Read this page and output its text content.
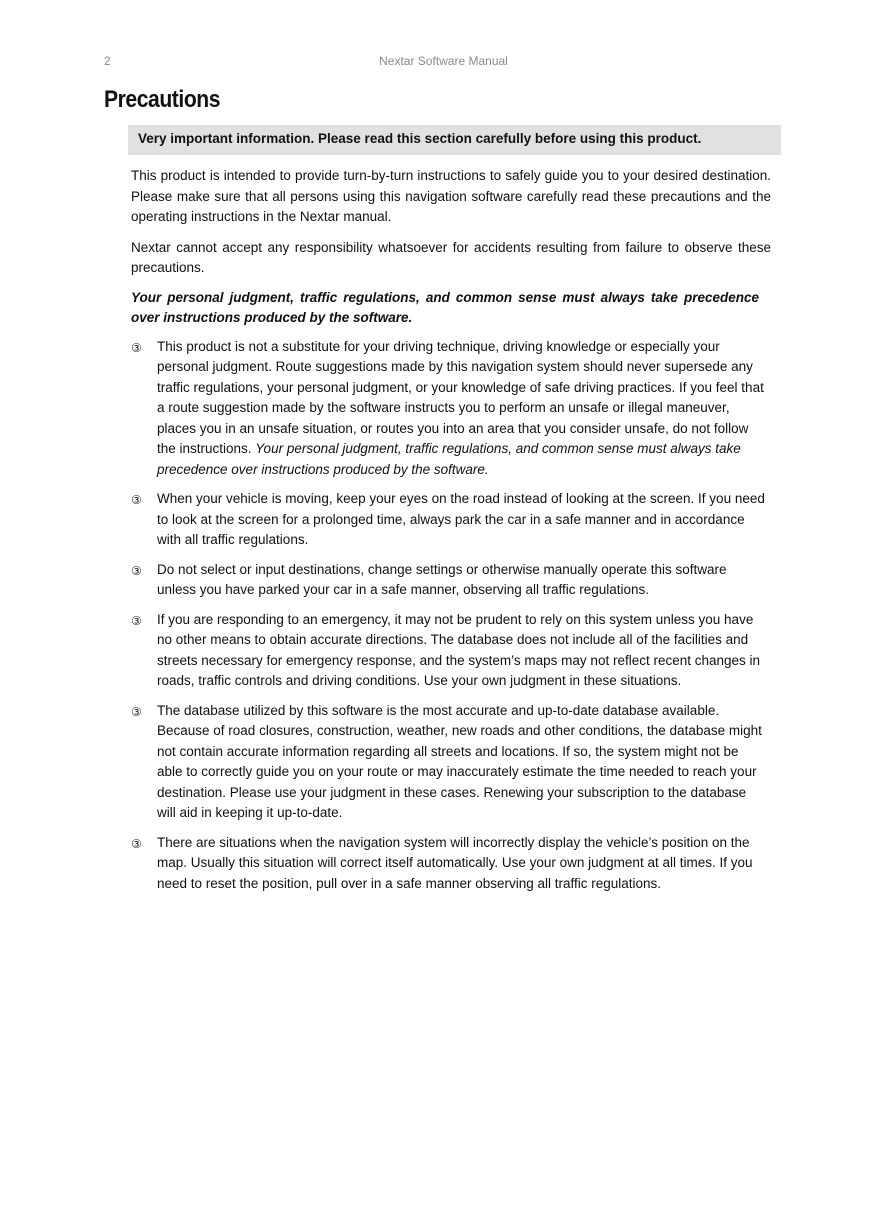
2	Nextar Software Manual
Precautions
Very important information. Please read this section carefully before using this product.

This product is intended to provide turn-by-turn instructions to safely guide you to your desired destination. Please make sure that all persons using this navigation software carefully read these precautions and the operating instructions in the Nextar manual.

Nextar cannot accept any responsibility whatsoever for accidents resulting from failure to observe these precautions.

Your personal judgment, traffic regulations, and common sense must always take precedence over instructions produced by the software.

③ This product is not a substitute for your driving technique, driving knowledge or especially your personal judgment. Route suggestions made by this navigation system should never supersede any traffic regulations, your personal judgment, or your knowledge of safe driving practices. If you feel that a route suggestion made by the software instructs you to perform an unsafe or illegal maneuver, places you in an unsafe situation, or routes you into an area that you consider unsafe, do not follow the instructions. Your personal judgment, traffic regulations, and common sense must always take precedence over instructions produced by the software.
③ When your vehicle is moving, keep your eyes on the road instead of looking at the screen. If you need to look at the screen for a prolonged time, always park the car in a safe manner and in accordance with all traffic regulations.
③ Do not select or input destinations, change settings or otherwise manually operate this software unless you have parked your car in a safe manner, observing all traffic regulations.
③ If you are responding to an emergency, it may not be prudent to rely on this system unless you have no other means to obtain accurate directions. The database does not include all of the facilities and streets necessary for emergency response, and the system’s maps may not reflect recent changes in roads, traffic controls and driving conditions. Use your own judgment in these situations.
③ The database utilized by this software is the most accurate and up-to-date database available. Because of road closures, construction, weather, new roads and other conditions, the database might not contain accurate information regarding all streets and locations. If so, the system might not be able to correctly guide you on your route or may inaccurately estimate the time needed to reach your destination. Please use your judgment in these cases. Renewing your subscription to the database will aid in keeping it up-to-date.
③ There are situations when the navigation system will incorrectly display the vehicle’s position on the map. Usually this situation will correct itself automatically. Use your own judgment at all times. If you need to reset the position, pull over in a safe manner observing all traffic regulations.
